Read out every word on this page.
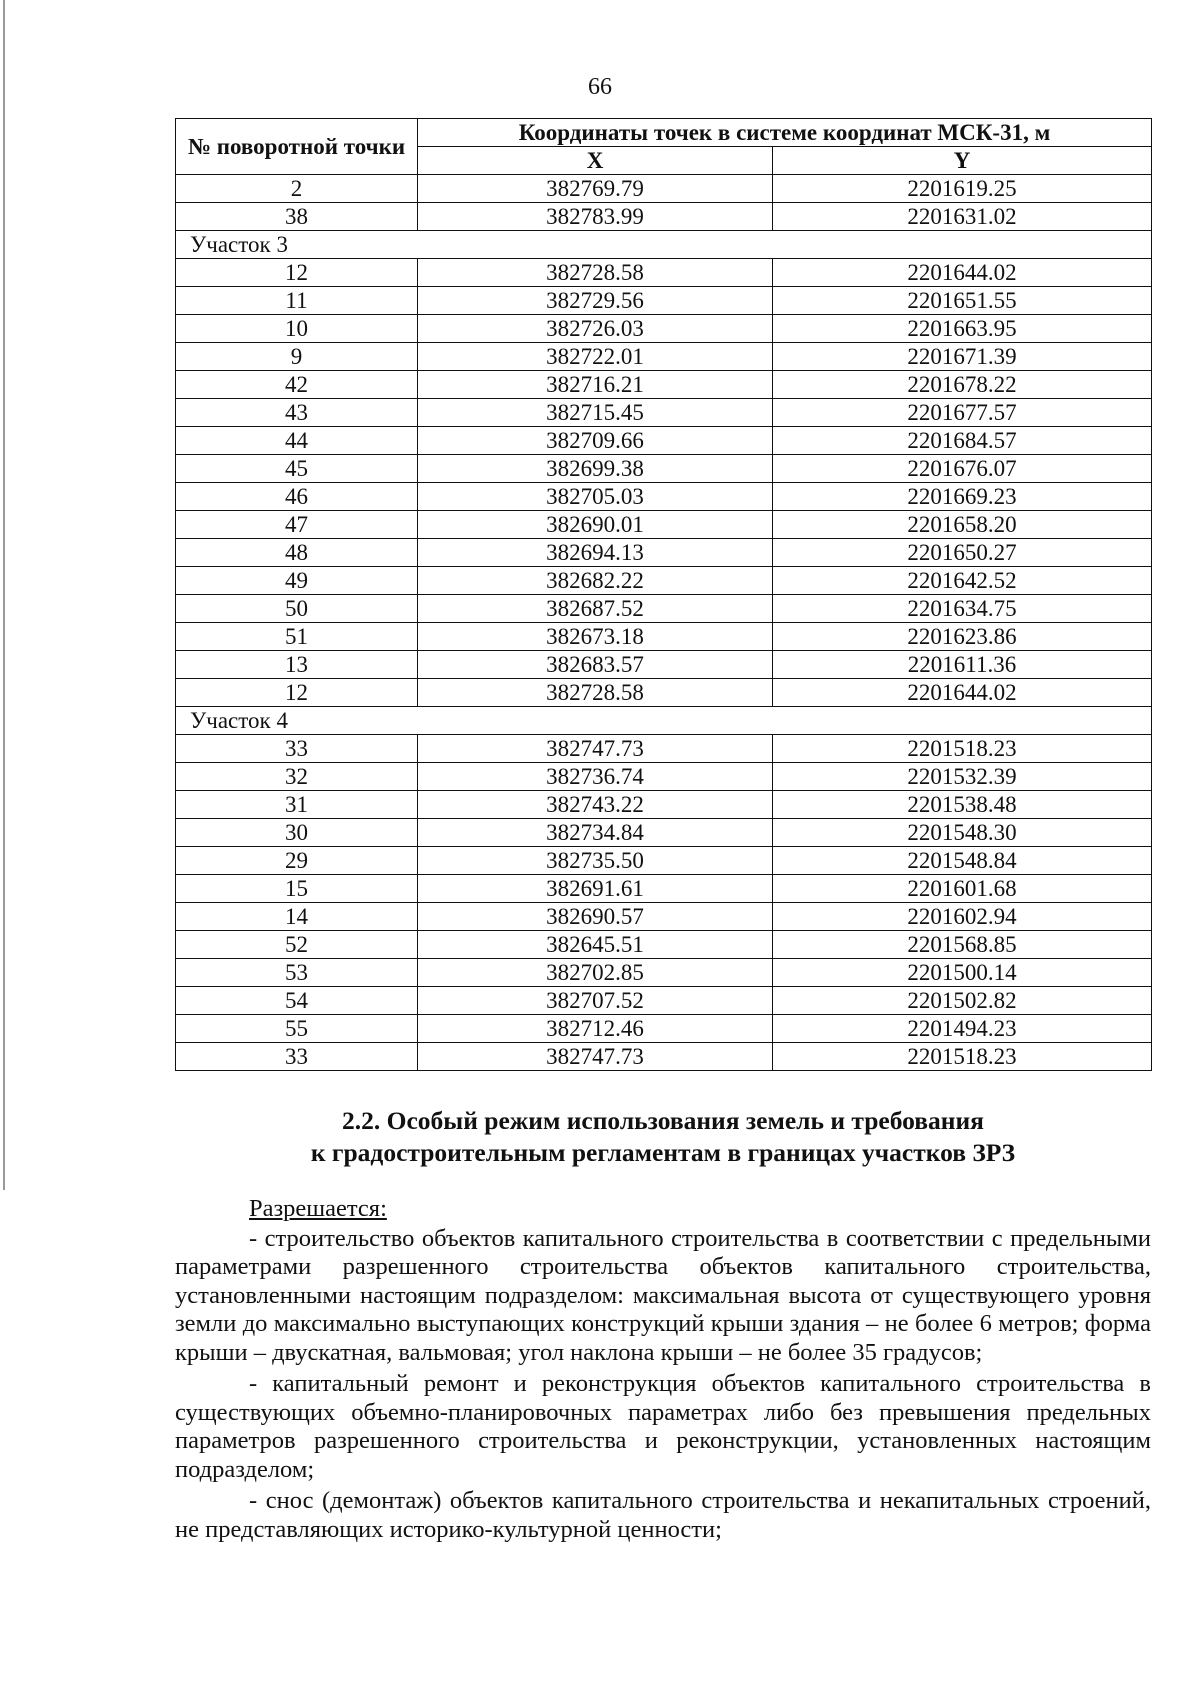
66
№ поворотной точки	Координаты точек в системе координат МСК-31, м	
	X	Y
2	382769.79	2201619.25
38	382783.99	2201631.02
Участок 3		
12	382728.58	2201644.02
11	382729.56	2201651.55
10	382726.03	2201663.95
9	382722.01	2201671.39
42	382716.21	2201678.22
43	382715.45	2201677.57
44	382709.66	2201684.57
45	382699.38	2201676.07
46	382705.03	2201669.23
47	382690.01	2201658.20
48	382694.13	2201650.27
49	382682.22	2201642.52
50	382687.52	2201634.75
51	382673.18	2201623.86
13	382683.57	2201611.36
12	382728.58	2201644.02
Участок 4		
33	382747.73	2201518.23
32	382736.74	2201532.39
31	382743.22	2201538.48
30	382734.84	2201548.30
29	382735.50	2201548.84
15	382691.61	2201601.68
14	382690.57	2201602.94
52	382645.51	2201568.85
53	382702.85	2201500.14
54	382707.52	2201502.82
55	382712.46	2201494.23
33	382747.73	2201518.23
2.2. Особый режим использования земель и требования
к градостроительным регламентам в границах участков ЗРЗ
Разрешается:

- строительство объектов капитального строительства в соответствии с предельными параметрами разрешенного строительства объектов капитального строительства, установленными настоящим подразделом: максимальная высота от существующего уровня земли до максимально выступающих конструкций крыши здания – не более 6 метров; форма крыши – двускатная, вальмовая; угол наклона крыши – не более 35 градусов;

- капитальный ремонт и реконструкция объектов капитального строительства в существующих объемно-планировочных параметрах либо без превышения предельных параметров разрешенного строительства и реконструкции, установленных настоящим подразделом;

- снос (демонтаж) объектов капитального строительства и некапитальных строений, не представляющих историко-культурной ценности;
